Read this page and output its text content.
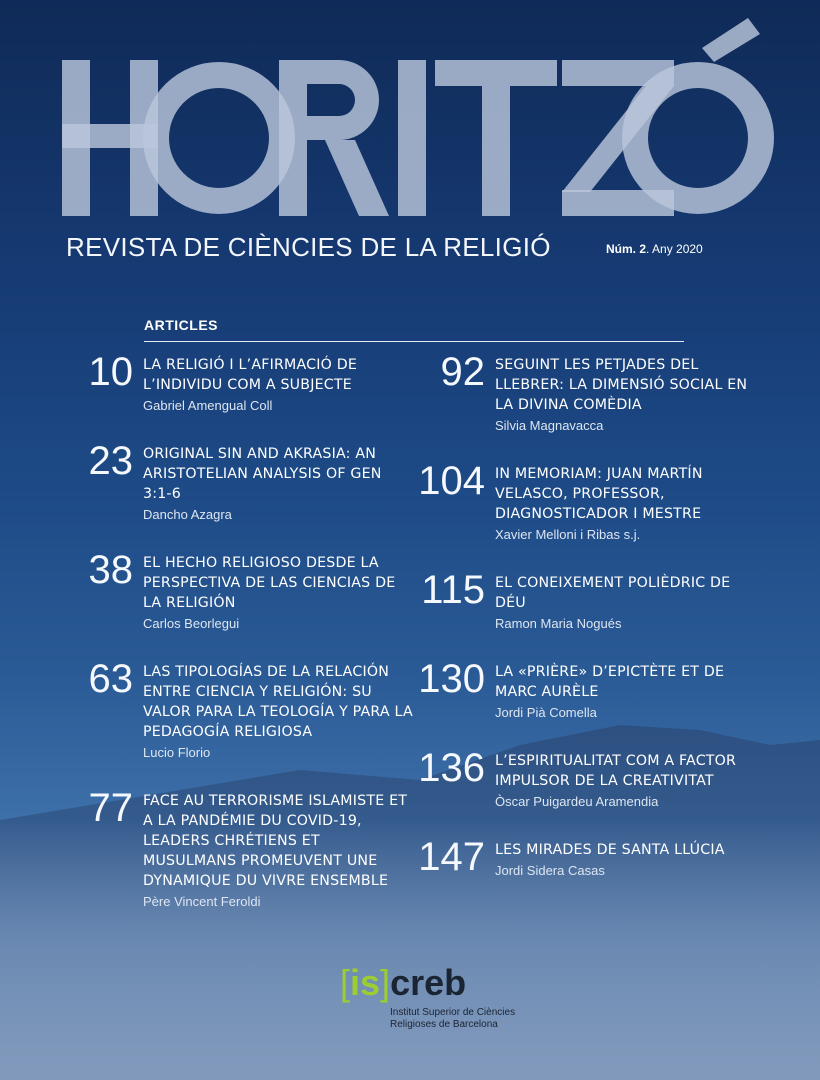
REVISTA DE CIÈNCIES DE LA RELIGIÓ	Núm. 2. Any 2020
ARTICLES
10 LA RELIGIÓ I L’AFIRMACIÓ DE L’INDIVIDU COM A SUBJECTE
Gabriel Amengual Coll
23 ORIGINAL SIN AND AKRASIA: AN ARISTOTELIAN ANALYSIS OF GEN 3:1-6
Dancho Azagra
38 EL HECHO RELIGIOSO DESDE LA PERSPECTIVA DE LAS CIENCIAS DE LA RELIGIÓN
Carlos Beorlegui
63 LAS TIPOLOGÍAS DE LA RELACIÓN ENTRE CIENCIA Y RELIGIÓN: SU VALOR PARA LA TEOLOGÍA Y PARA LA PEDAGOGÍA RELIGIOSA
Lucio Florio
77 FACE AU TERRORISME ISLAMISTE ET A LA PANDÉMIE DU COVID-19, LEADERS CHRÉTIENS ET MUSULMANS PROMEUVENT UNE DYNAMIQUE DU VIVRE ENSEMBLE
Père Vincent Feroldi
92 SEGUINT LES PETJADES DEL LLEBRER: LA DIMENSIÓ SOCIAL EN LA DIVINA COMÈDIA
Silvia Magnavacca
104 IN MEMORIAM: JUAN MARTÍN VELASCO, PROFESSOR, DIAGNOSTICADOR I MESTRE
Xavier Melloni i Ribas s.j.
115 EL CONEIXEMENT POLIÈDRIC DE DÉU
Ramon Maria Nogués
130 LA «PRIÈRE» D’EPICTÈTE ET DE MARC AURÈLE
Jordi Pià Comella
136 L’ESPIRITUALITAT COM A FACTOR IMPULSOR DE LA CREATIVITAT
Òscar Puigardeu Aramendia
147 LES MIRADES DE SANTA LLÚCIA
Jordi Sidera Casas
[is]creb
Institut Superior de Ciències
Religioses de Barcelona
